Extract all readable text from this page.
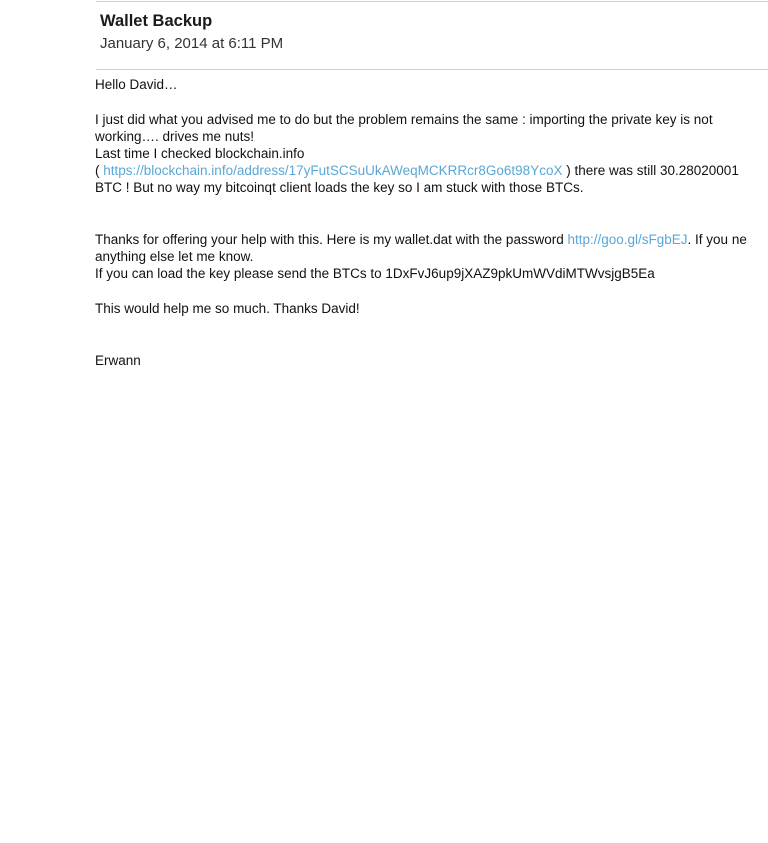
Wallet Backup
January 6, 2014 at 6:11 PM

Hello David…

I just did what you advised me to do but the problem remains the same : importing the private key is not

working…. drives me nuts!

Last time I checked blockchain.info

( https://blockchain.info/address/17yFutSCSuUkAWeqMCKRRcr8Go6t98YcoX ) there was still 30.28020001

BTC ! But no way my bitcoinqt client loads the key so I am stuck with those BTCs.

Thanks for offering your help with this. Here is my wallet.dat with the password http://goo.gl/sFgbEJ. If you ne

anything else let me know.

If you can load the key please send the BTCs to 1DxFvJ6up9jXAZ9pkUmWVdiMTWvsjgB5Ea

This would help me so much. Thanks David!

Erwann
